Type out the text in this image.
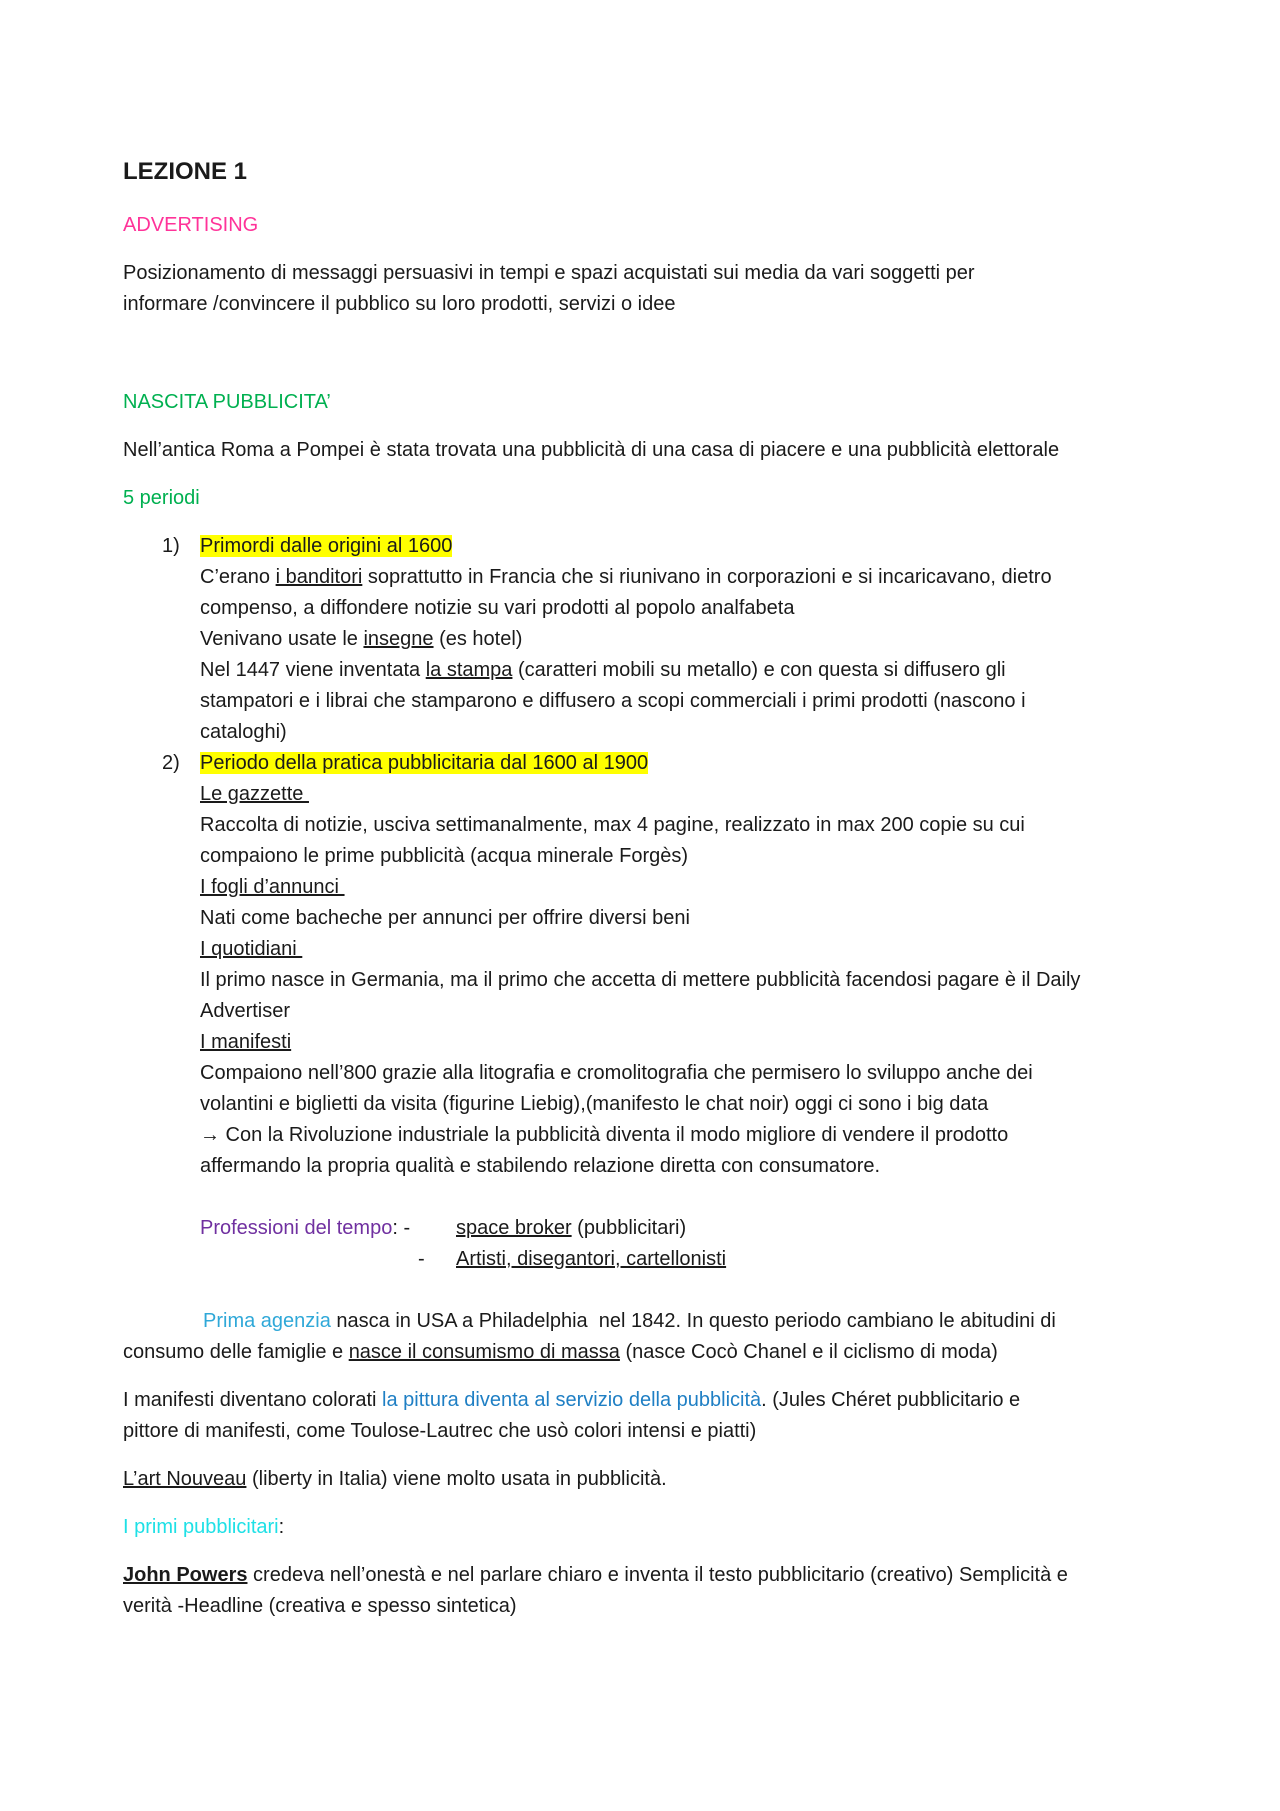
LEZIONE 1
ADVERTISING
Posizionamento di messaggi persuasivi in tempi e spazi acquistati sui media da vari soggetti per
informare /convincere il pubblico su loro prodotti, servizi o idee
NASCITA PUBBLICITA’
Nell’antica Roma a Pompei è stata trovata una pubblicità di una casa di piacere e una pubblicità elettorale
5 periodi
1) Primordi dalle origini al 1600
C’erano i banditori soprattutto in Francia che si riunivano in corporazioni e si incaricavano, dietro
compenso, a diffondere notizie su vari prodotti al popolo analfabeta
Venivano usate le insegne (es hotel)
Nel 1447 viene inventata la stampa (caratteri mobili su metallo) e con questa si diffusero gli
stampatori e i librai che stamparono e diffusero a scopi commerciali i primi prodotti (nascono i
cataloghi)
2) Periodo della pratica pubblicitaria dal 1600 al 1900
Le gazzette
Raccolta di notizie, usciva settimanalmente, max 4 pagine, realizzato in max 200 copie su cui
compaiono le prime pubblicità (acqua minerale Forgès)
I fogli d’annunci
Nati come bacheche per annunci per offrire diversi beni
I quotidiani
Il primo nasce in Germania, ma il primo che accetta di mettere pubblicità facendosi pagare è il Daily
Advertiser
I manifesti
Compaiono nell’800 grazie alla litografia e cromolitografia che permisero lo sviluppo anche dei
volantini e biglietti da visita (figurine Liebig),(manifesto le chat noir) oggi ci sono i big data
→ Con la Rivoluzione industriale la pubblicità diventa il modo migliore di vendere il prodotto
affermando la propria qualità e stabilendo relazione diretta con consumatore.
Professioni del tempo: -	space broker (pubblicitari)
- Artisti, disegantori, cartellonisti
Prima agenzia nasca in USA a Philadelphia  nel 1842. In questo periodo cambiano le abitudini di
consumo delle famiglie e nasce il consumismo di massa (nasce Cocò Chanel e il ciclismo di moda)
I manifesti diventano colorati la pittura diventa al servizio della pubblicità. (Jules Chéret pubblicitario e
pittore di manifesti, come Toulose-Lautrec che usò colori intensi e piatti)
L’art Nouveau (liberty in Italia) viene molto usata in pubblicità.
I primi pubblicitari:
John Powers credeva nell’onestà e nel parlare chiaro e inventa il testo pubblicitario (creativo) Semplicità e
verità -Headline (creativa e spesso sintetica)
